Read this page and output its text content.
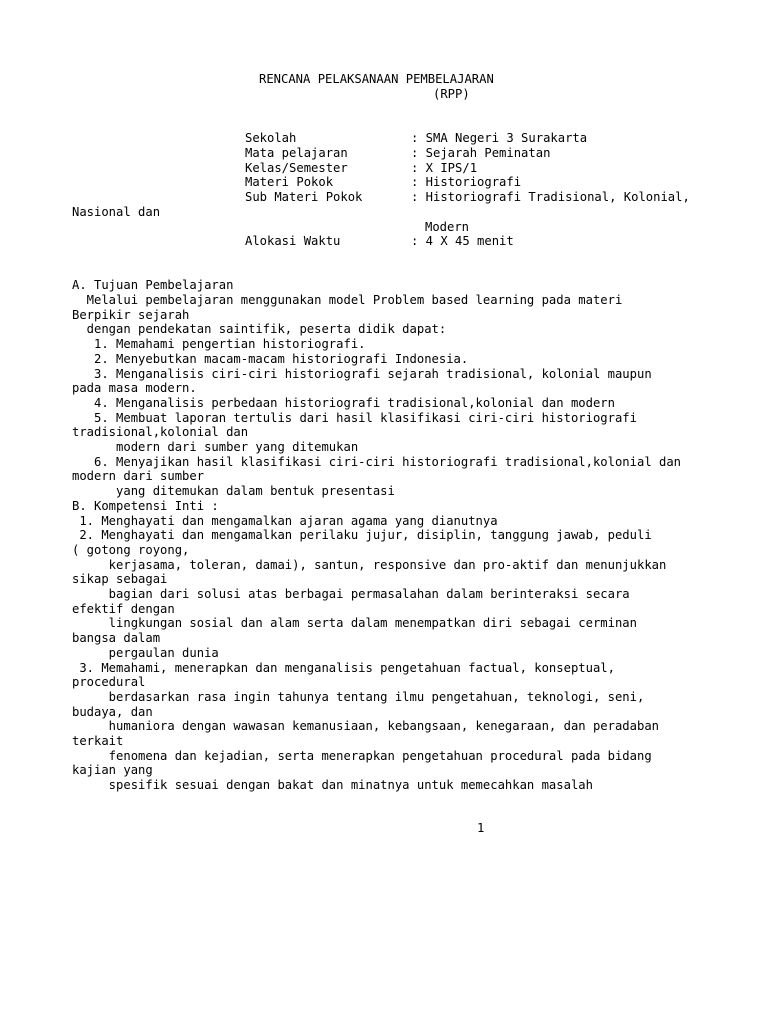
RENCANA PELAKSANAAN PEMBELAJARAN
(RPP)
Sekolah	: SMA Negeri 3 Surakarta
Mata pelajaran	: Sejarah Peminatan
Kelas/Semester	: X IPS/1
Materi Pokok	: Historiografi
Sub Materi Pokok	: Historiografi Tradisional, Kolonial,
Nasional dan
Modern
Alokasi Waktu	: 4 X 45 menit
A. Tujuan Pembelajaran
Melalui pembelajaran menggunakan model Problem based learning pada materi
Berpikir sejarah
dengan pendekatan saintifik, peserta didik dapat:
1. Memahami pengertian historiografi.
2. Menyebutkan macam-macam historiografi Indonesia.
3. Menganalisis ciri-ciri historiografi sejarah tradisional, kolonial maupun
pada masa modern.
4. Menganalisis perbedaan historiografi tradisional,kolonial dan modern
5. Membuat laporan tertulis dari hasil klasifikasi ciri-ciri historiografi
tradisional,kolonial dan
modern dari sumber yang ditemukan
6. Menyajikan hasil klasifikasi ciri-ciri historiografi tradisional,kolonial dan
modern dari sumber
yang ditemukan dalam bentuk presentasi
B. Kompetensi Inti :
1. Menghayati dan mengamalkan ajaran agama yang dianutnya
2. Menghayati dan mengamalkan perilaku jujur, disiplin, tanggung jawab, peduli
( gotong royong,
kerjasama, toleran, damai), santun, responsive dan pro-aktif dan menunjukkan
sikap sebagai
bagian dari solusi atas berbagai permasalahan dalam berinteraksi secara
efektif dengan
lingkungan sosial dan alam serta dalam menempatkan diri sebagai cerminan
bangsa dalam
pergaulan dunia
3. Memahami, menerapkan dan menganalisis pengetahuan factual, konseptual,
procedural
berdasarkan rasa ingin tahunya tentang ilmu pengetahuan, teknologi, seni,
budaya, dan
humaniora dengan wawasan kemanusiaan, kebangsaan, kenegaraan, dan peradaban
terkait
fenomena dan kejadian, serta menerapkan pengetahuan procedural pada bidang
kajian yang
spesifik sesuai dengan bakat dan minatnya untuk memecahkan masalah
1
